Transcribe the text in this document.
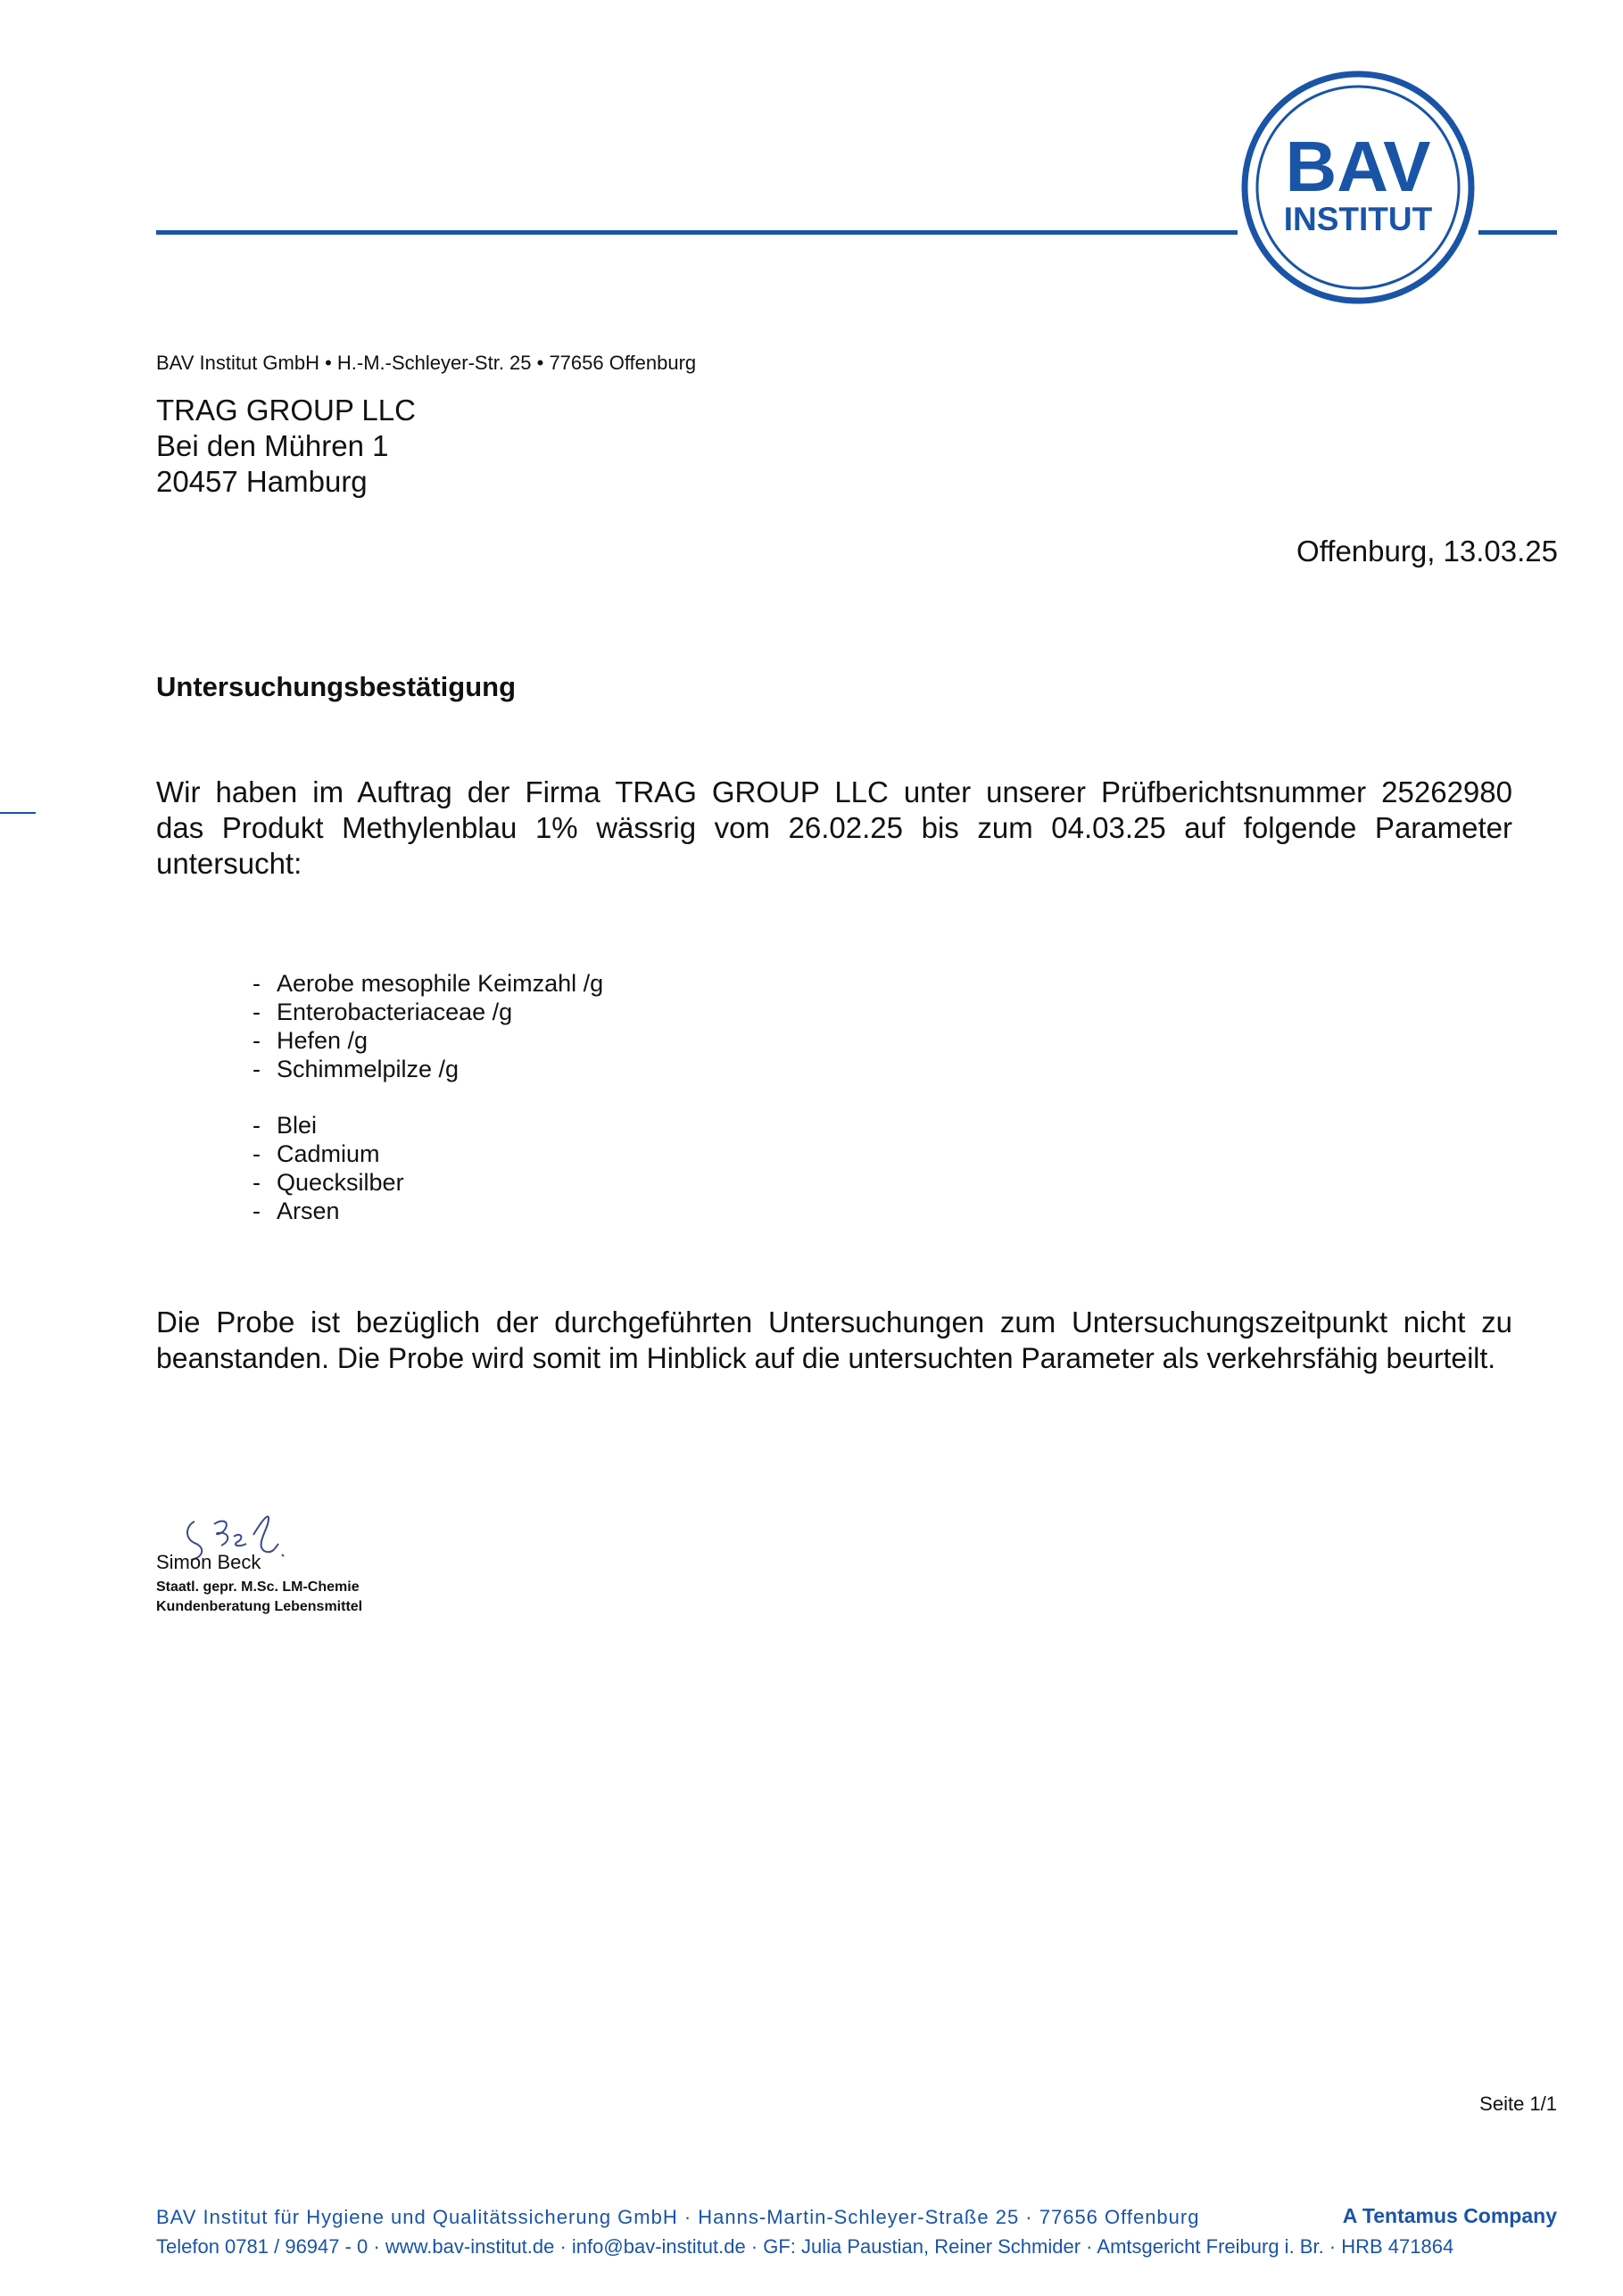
BAV
INSTITUT
BAV Institut GmbH • H.-M.-Schleyer-Str. 25 • 77656 Offenburg
TRAG GROUP LLC
Bei den Mühren 1
20457 Hamburg
Offenburg, 13.03.25
Untersuchungsbestätigung
Wir haben im Auftrag der Firma TRAG GROUP LLC unter unserer Prüfberichtsnummer 25262980
das Produkt Methylenblau 1% wässrig vom 26.02.25 bis zum 04.03.25 auf folgende Parameter
untersucht:
- Aerobe mesophile Keimzahl /g
- Enterobacteriaceae /g
- Hefen /g
- Schimmelpilze /g
- Blei
- Cadmium
- Quecksilber
- Arsen
Die Probe ist bezüglich der durchgeführten Untersuchungen zum Untersuchungszeitpunkt nicht zu
beanstanden. Die Probe wird somit im Hinblick auf die untersuchten Parameter als verkehrsfähig beurteilt.
Simon Beck
Staatl. gepr. M.Sc. LM-Chemie
Kundenberatung Lebensmittel
Seite 1/1
BAV Institut für Hygiene und Qualitätssicherung GmbH · Hanns-Martin-Schleyer-Straße 25 · 77656 Offenburg	A Tentamus Company
Telefon 0781 / 96947 - 0 · www.bav-institut.de · info@bav-institut.de · GF: Julia Paustian, Reiner Schmider · Amtsgericht Freiburg i. Br. · HRB 471864
